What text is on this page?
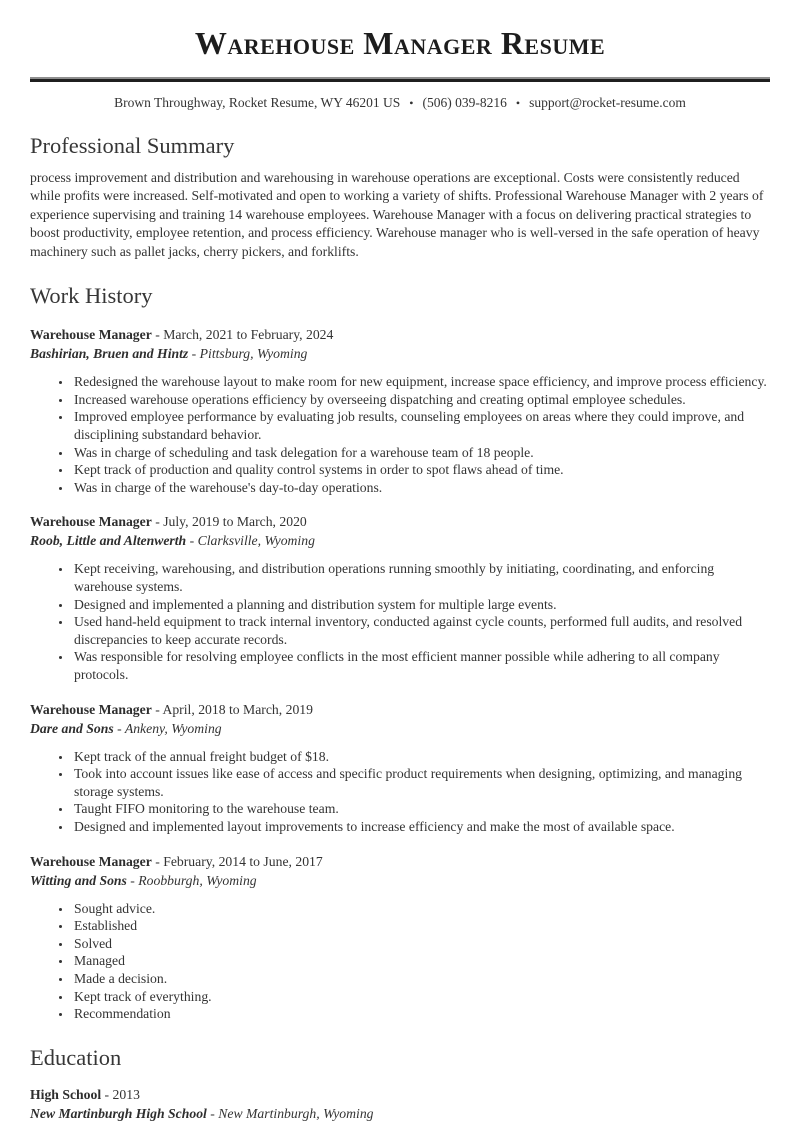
Warehouse Manager Resume
Brown Throughway, Rocket Resume, WY 46201 US • (506) 039-8216 • support@rocket-resume.com
Professional Summary

process improvement and distribution and warehousing in warehouse operations are exceptional. Costs were consistently reduced while profits were increased. Self-motivated and open to working a variety of shifts. Professional Warehouse Manager with 2 years of experience supervising and training 14 warehouse employees. Warehouse Manager with a focus on delivering practical strategies to boost productivity, employee retention, and process efficiency. Warehouse manager who is well-versed in the safe operation of heavy machinery such as pallet jacks, cherry pickers, and forklifts.

Work History
Warehouse Manager - March, 2021 to February, 2024
Bashirian, Bruen and Hintz - Pittsburg, Wyoming
• Redesigned the warehouse layout to make room for new equipment, increase space efficiency, and improve process efficiency.
• Increased warehouse operations efficiency by overseeing dispatching and creating optimal employee schedules.
• Improved employee performance by evaluating job results, counseling employees on areas where they could improve, and disciplining substandard behavior.
• Was in charge of scheduling and task delegation for a warehouse team of 18 people.
• Kept track of production and quality control systems in order to spot flaws ahead of time.
• Was in charge of the warehouse's day-to-day operations.
Warehouse Manager - July, 2019 to March, 2020
Roob, Little and Altenwerth - Clarksville, Wyoming
• Kept receiving, warehousing, and distribution operations running smoothly by initiating, coordinating, and enforcing warehouse systems.
• Designed and implemented a planning and distribution system for multiple large events.
• Used hand-held equipment to track internal inventory, conducted against cycle counts, performed full audits, and resolved discrepancies to keep accurate records.
• Was responsible for resolving employee conflicts in the most efficient manner possible while adhering to all company protocols.
Warehouse Manager - April, 2018 to March, 2019
Dare and Sons - Ankeny, Wyoming
• Kept track of the annual freight budget of $18.
• Took into account issues like ease of access and specific product requirements when designing, optimizing, and managing storage systems.
• Taught FIFO monitoring to the warehouse team.
• Designed and implemented layout improvements to increase efficiency and make the most of available space.
Warehouse Manager - February, 2014 to June, 2017
Witting and Sons - Roobburgh, Wyoming
• Sought advice.
• Established
• Solved
• Managed
• Made a decision.
• Kept track of everything.
• Recommendation
Education
High School - 2013
New Martinburgh High School - New Martinburgh, Wyoming
